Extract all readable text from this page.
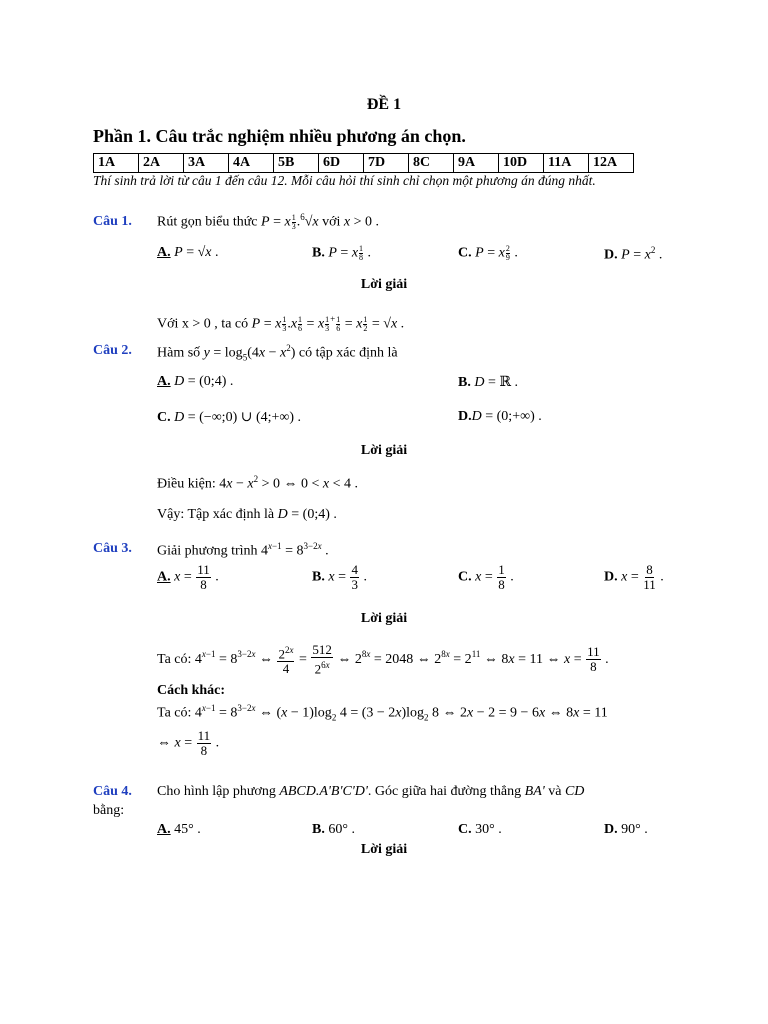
ĐỀ 1
Phần 1. Câu trắc nghiệm nhiều phương án chọn.
1A	2A	3A	4A	5B	6D	7D	8C	9A	10D	11A	12A
Thí sinh trả lời từ câu 1 đến câu 12. Mỗi câu hỏi thí sinh chỉ chọn một phương án đúng nhất.
Câu 1. Rút gọn biểu thức P = x $\frac{1}{3} .^6√x$ với x > 0 .
A. P = √x .	B. P = x $\frac{1}{8}$ .	C. P = x $\frac{2}{9}$ .	D. $P = x^2$ .
Lời giải
Với x > 0 , ta có P = x $\frac{1}{3} .x \frac{1}{6} = x \frac{1}{3} ^+ \frac{1}{6} = x \frac{1}{2} = √x$ .
Câu 2. Hàm số $y = \log_5(4x - x^2)$ có tập xác định là
A. D = (0;4) .	B. D = ℝ .
C. D = (−∞;0) ∪ (4;+∞) .	D.D = (0;+∞) .
Lời giải
Điều kiện: $4x - x^2 > 0$ ⇔ 0 < x < 4 .
Vậy: Tập xác định là D = (0;4) .
Câu 3. Giải phương trình $4^{x-1} = 8^{3-2x}$ .
A. $x = \frac{11}{8}$ .	B. $x = \frac{4}{3}$ .	C. $x = \frac{1}{8}$ .	D. $x = \frac{8}{11}$ .
Lời giải
Ta có: $4^{x-1} = 8^{3-2x}$ ⇔ $\frac{2^{2x}}{4} = \frac{512}{2^{6x}}$ ⇔ $2^{8x} = 2048$ ⇔ $2^{8x} = 2^{11}$ ⇔ 8x = 11 ⇔ $x = \frac{11}{8}$ .
Cách khác:
Ta có: $4^{x-1} = 8^{3-2x}$ ⇔ $(x - 1)\log_2$ $4 = (3 - 2x)\log_2$ 8 ⇔ 2x − 2 = 9 − 6x ⇔ 8x = 11
⇔ $x = \frac{11}{8}$ .
Câu 4. Cho hình lập phương ABCD.A'B'C'D'. Góc giữa hai đường thẳng BA' và CD
bằng:
A. 45° .	B. 60° .	C. 30° .	D. 90° .
Lời giải
